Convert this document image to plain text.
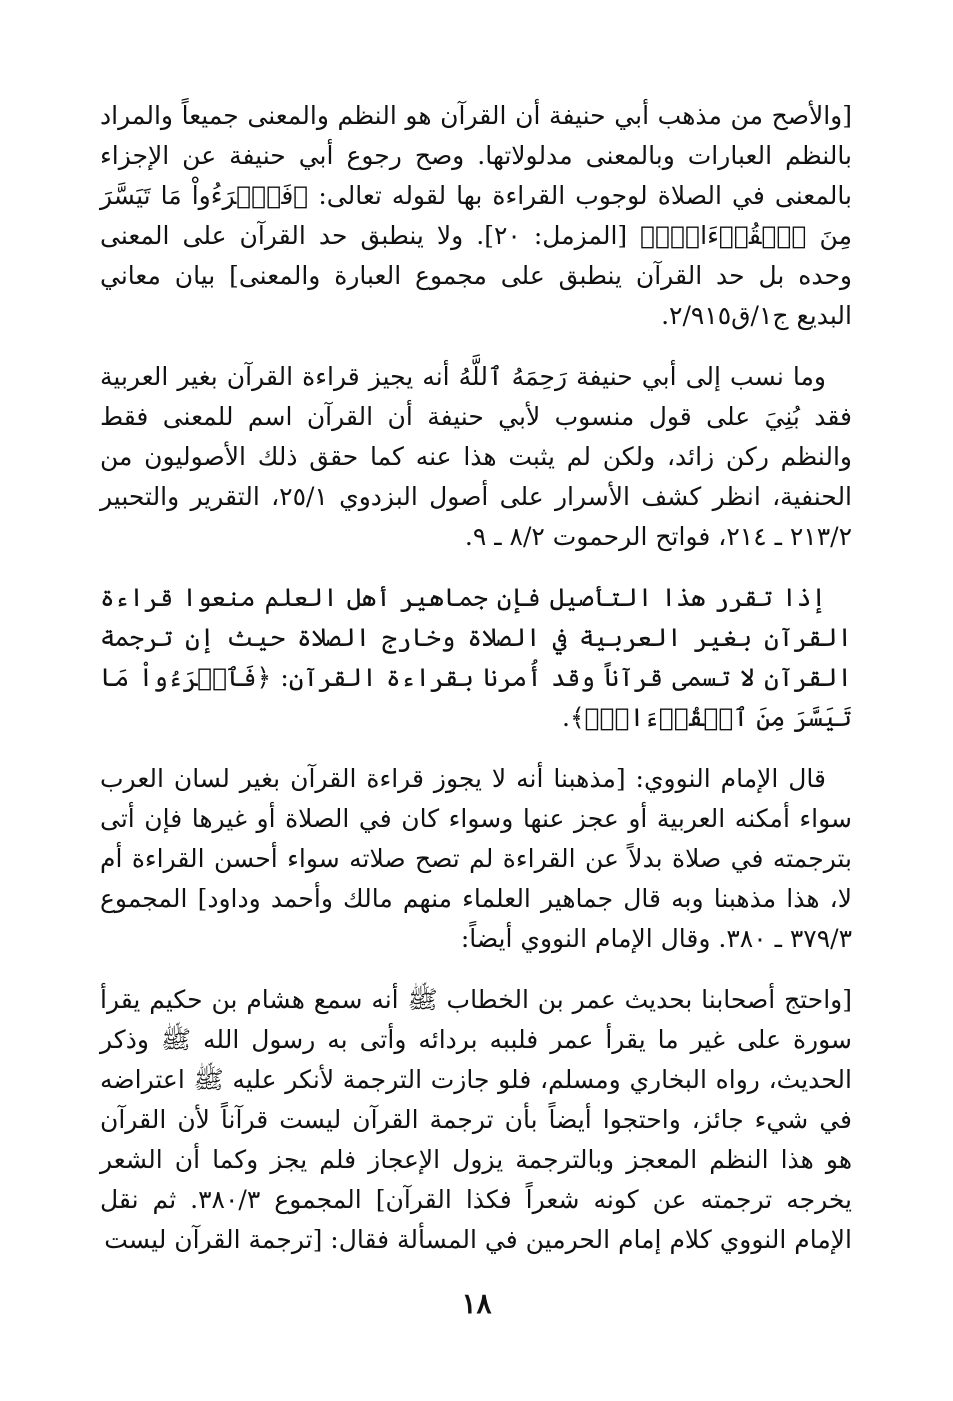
[والأصح من مذهب أبي حنيفة أن القرآن هو النظم والمعنى جميعاً والمراد بالنظم العبارات وبالمعنى مدلولاتها. وصح رجوع أبي حنيفة عن الإجزاء بالمعنى في الصلاة لوجوب القراءة بها لقوله تعالى: ﴿فَٱقۡرَءُواْ مَا تَيَسَّرَ مِنَ ٱلۡقُرۡءَانِۚ﴾ [المزمل: ٢٠]. ولا ينطبق حد القرآن على المعنى وحده بل حد القرآن ينطبق على مجموع العبارة والمعنى] بيان معاني البديع ج١/ق٢/٩١٥.

وما نسب إلى أبي حنيفة رَحِمَهُ ٱللَّهُ أنه يجيز قراءة القرآن بغير العربية فقد بُنِيَ على قول منسوب لأبي حنيفة أن القرآن اسم للمعنى فقط والنظم ركن زائد، ولكن لم يثبت هذا عنه كما حقق ذلك الأصوليون من الحنفية، انظر كشف الأسرار على أصول البزدوي ٢٥/١، التقرير والتحبير ٢١٣/٢ ـ ٢١٤، فواتح الرحموت ٨/٢ ـ ٩.

إذا تقرر هذا التأصيل فإن جماهير أهل العلم منعوا قراءة القرآن بغير العربية في الصلاة وخارج الصلاة حيث إن ترجمة القرآن لا تسمى قرآناً وقد أُمرنا بقراءة القرآن: ﴿فَٱقۡرَءُواْ مَا تَيَسَّرَ مِنَ ٱلۡقُرۡءَانِۚ﴾.

قال الإمام النووي: [مذهبنا أنه لا يجوز قراءة القرآن بغير لسان العرب سواء أمكنه العربية أو عجز عنها وسواء كان في الصلاة أو غيرها فإن أتى بترجمته في صلاة بدلاً عن القراءة لم تصح صلاته سواء أحسن القراءة أم لا، هذا مذهبنا وبه قال جماهير العلماء منهم مالك وأحمد وداود] المجموع ٣٧٩/٣ ـ ٣٨٠. وقال الإمام النووي أيضاً:

[واحتج أصحابنا بحديث عمر بن الخطاب ﷺ أنه سمع هشام بن حكيم يقرأ سورة على غير ما يقرأ عمر فلببه بردائه وأتى به رسول الله ﷺ وذكر الحديث، رواه البخاري ومسلم، فلو جازت الترجمة لأنكر عليه ﷺ اعتراضه في شيء جائز، واحتجوا أيضاً بأن ترجمة القرآن ليست قرآناً لأن القرآن هو هذا النظم المعجز وبالترجمة يزول الإعجاز فلم يجز وكما أن الشعر يخرجه ترجمته عن كونه شعراً فكذا القرآن] المجموع ٣٨٠/٣. ثم نقل الإمام النووي كلام إمام الحرمين في المسألة فقال: [ترجمة القرآن ليست

١٨
